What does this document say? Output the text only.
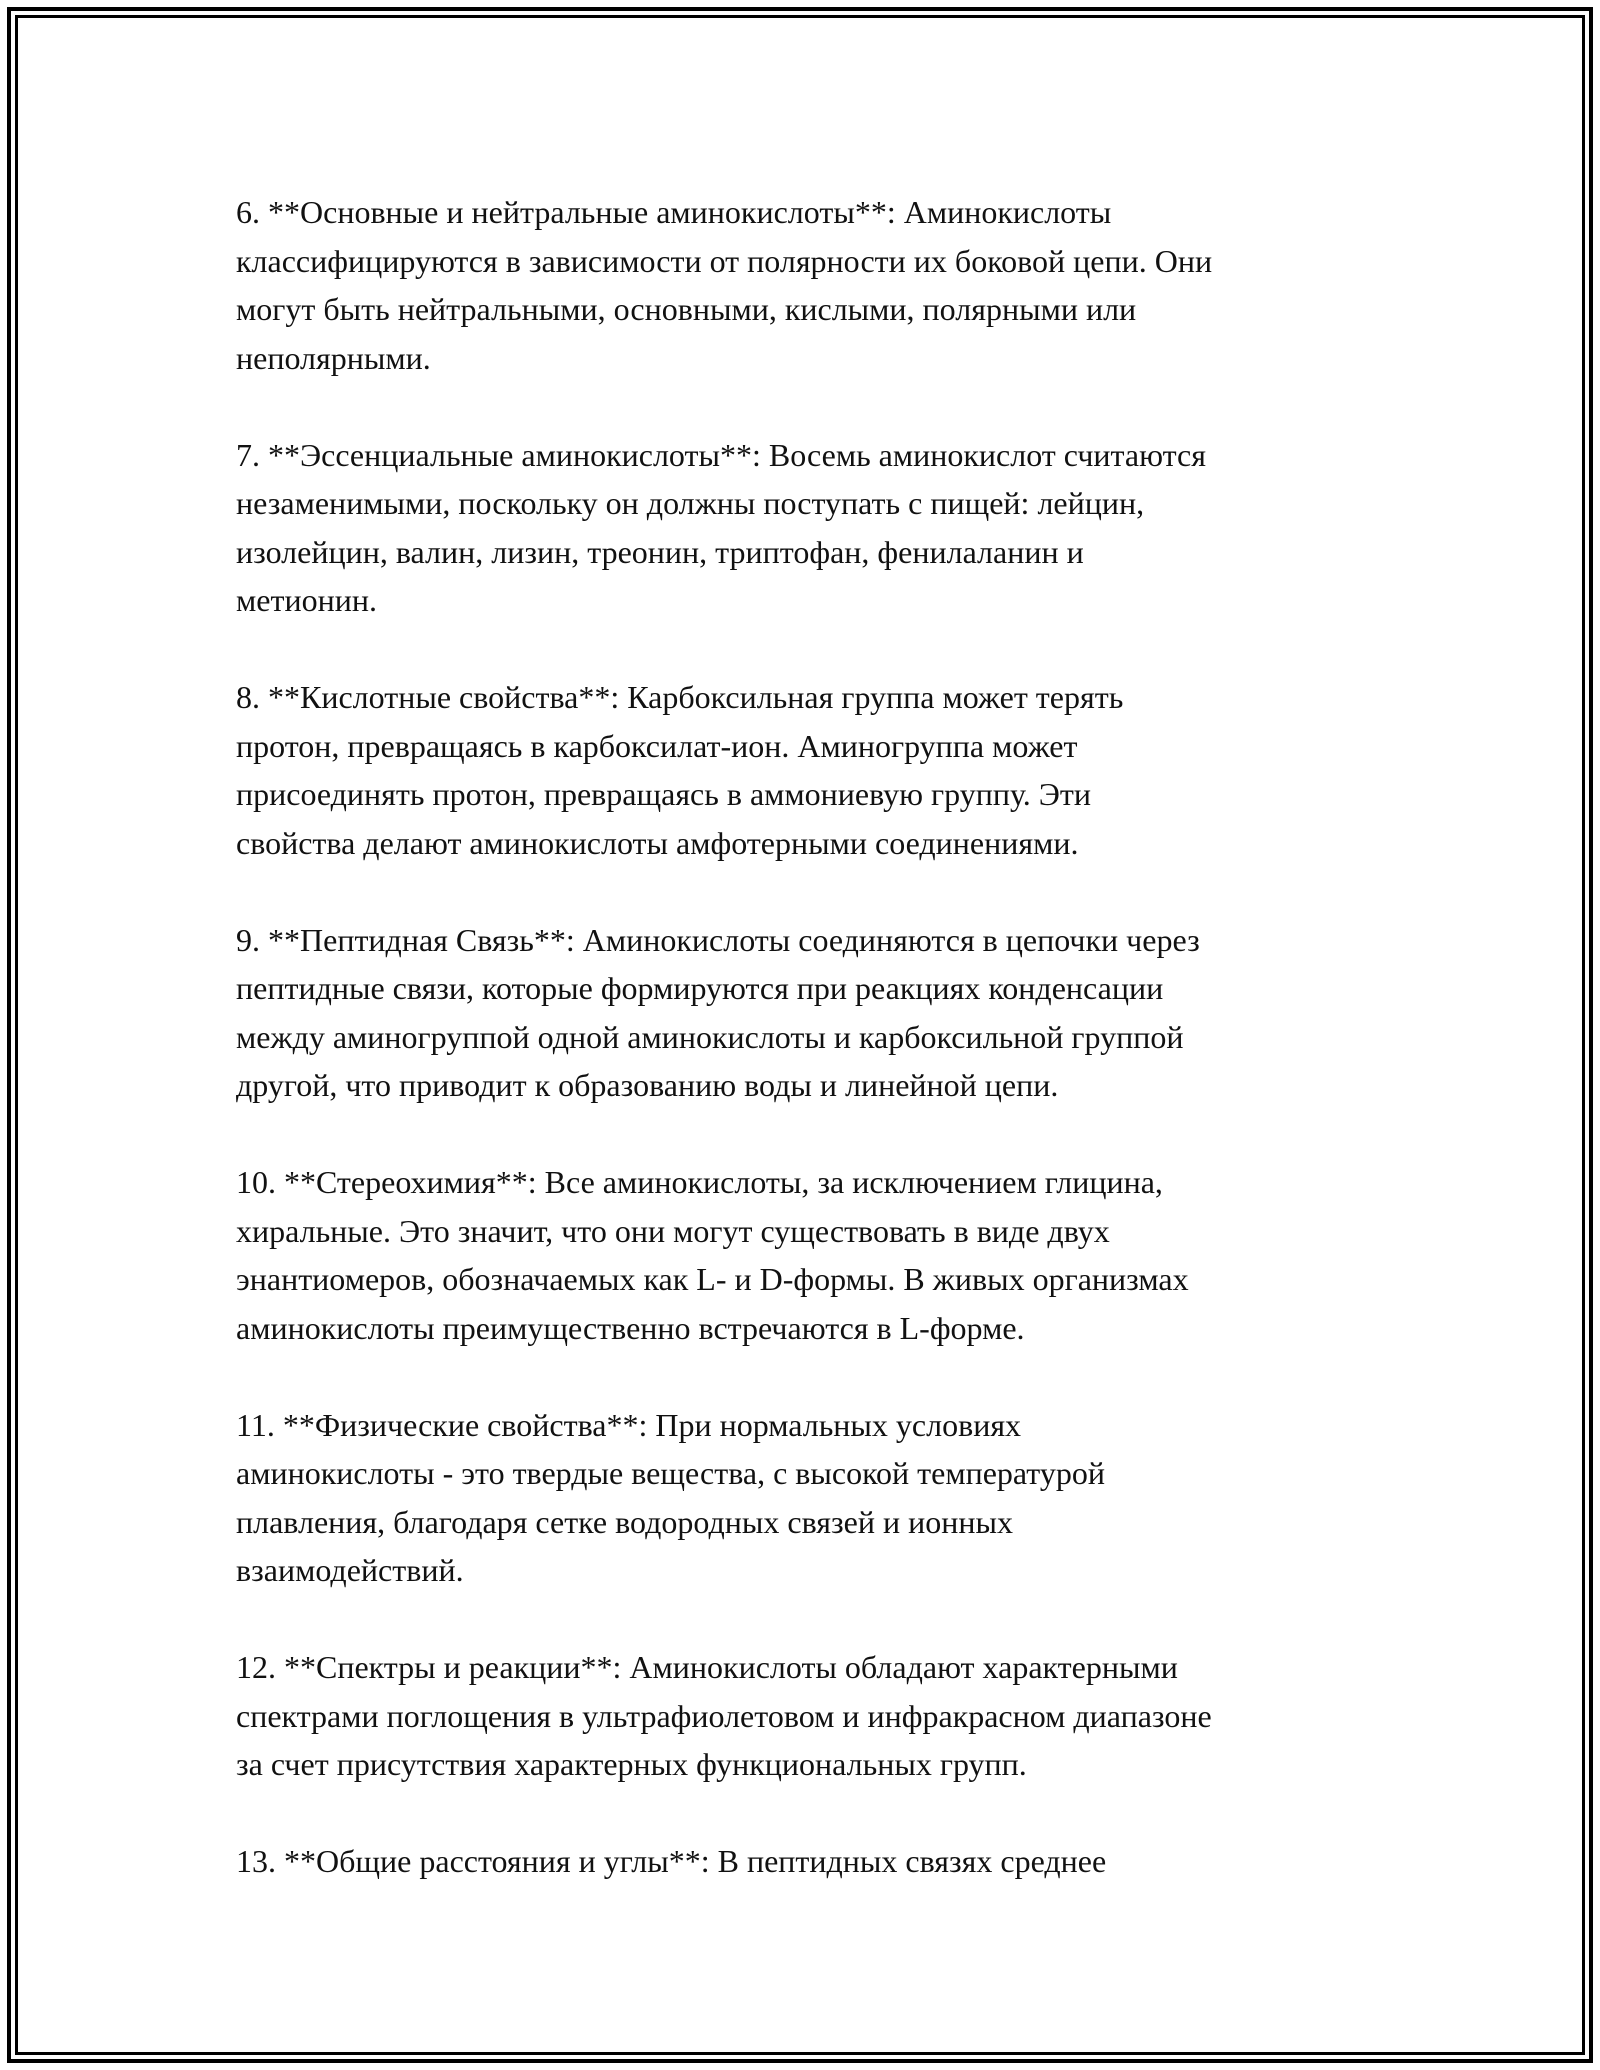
6. **Основные и нейтральные аминокислоты**: Аминокислоты
классифицируются в зависимости от полярности их боковой цепи. Они
могут быть нейтральными, основными, кислыми, полярными или
неполярными.

7. **Эссенциальные аминокислоты**: Восемь аминокислот считаются
незаменимыми, поскольку он должны поступать с пищей: лейцин,
изолейцин, валин, лизин, треонин, триптофан, фенилаланин и
метионин.

8. **Кислотные свойства**: Карбоксильная группа может терять
протон, превращаясь в карбоксилат-ион. Аминогруппа может
присоединять протон, превращаясь в аммониевую группу. Эти
свойства делают аминокислоты амфотерными соединениями.

9. **Пептидная Связь**: Аминокислоты соединяются в цепочки через
пептидные связи, которые формируются при реакциях конденсации
между аминогруппой одной аминокислоты и карбоксильной группой
другой, что приводит к образованию воды и линейной цепи.

10. **Стереохимия**: Все аминокислоты, за исключением глицина,
хиральные. Это значит, что они могут существовать в виде двух
энантиомеров, обозначаемых как L- и D-формы. В живых организмах
аминокислоты преимущественно встречаются в L-форме.

11. **Физические свойства**: При нормальных условиях
аминокислоты - это твердые вещества, с высокой температурой
плавления, благодаря сетке водородных связей и ионных
взаимодействий.

12. **Спектры и реакции**: Аминокислоты обладают характерными
спектрами поглощения в ультрафиолетовом и инфракрасном диапазоне
за счет присутствия характерных функциональных групп.

13. **Общие расстояния и углы**: В пептидных связях среднее
